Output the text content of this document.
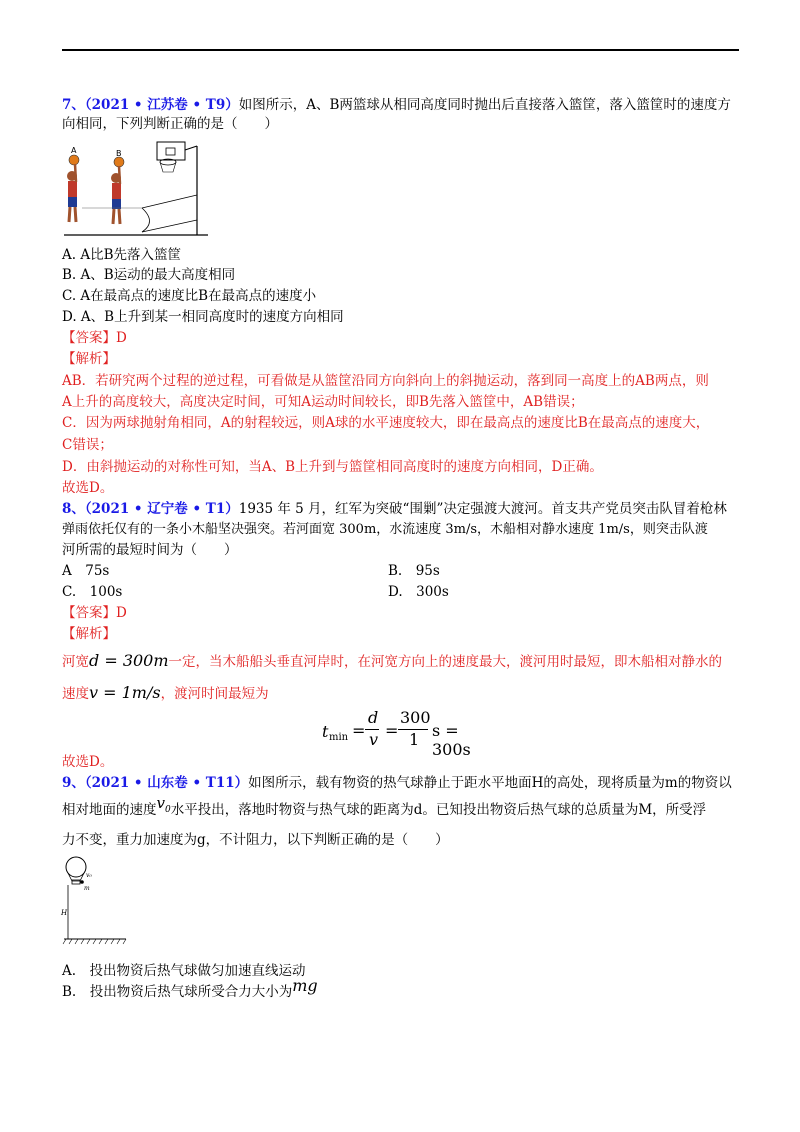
7、（2021 • 江苏卷 • T9）如图所示，A、B两篮球从相同高度同时抛出后直接落入篮筐，落入篮筐时的速度方
向相同，下列判断正确的是（　　）
A	B
A. A比B先落入篮筐
B. A、B运动的最大高度相同
C. A在最高点的速度比B在最高点的速度小
D. A、B上升到某一相同高度时的速度方向相同
【答案】D
【解析】
AB．若研究两个过程的逆过程，可看做是从篮筐沿同方向斜向上的斜抛运动，落到同一高度上的AB两点，则
A上升的高度较大，高度决定时间，可知A运动时间较长，即B先落入篮筐中，AB错误；
C．因为两球抛射角相同，A的射程较远，则A球的水平速度较大，即在最高点的速度比B在最高点的速度大，
C错误；
D．由斜抛运动的对称性可知，当A、B上升到与篮筐相同高度时的速度方向相同，D正确。
故选D。
8、（2021 • 辽宁卷 • T1）1935 年 5 月，红军为突破“围剿”决定强渡大渡河。首支共产党员突击队冒着枪林
弹雨依托仅有的一条小木船坚决强突。若河面宽 300m，水流速度 3m/s，木船相对静水速度 1m/s，则突击队渡
河所需的最短时间为（　　）
A　75s	B.　95s
C.　100s	D.　300s
【答案】D
【解析】
河宽d = 300m一定，当木船船头垂直河岸时，在河宽方向上的速度最大，渡河用时最短，即木船相对静水的
速度v = 1m/s，渡河时间最短为
t min =
d
v =
300
1 s = 300s
故选D。
9、（2021 • 山东卷 • T11）如图所示，载有物资的热气球静止于距水平地面H的高处，现将质量为m的物资以
相对地面的速度$v_0$水平投出，落地时物资与热气球的距离为d。已知投出物资后热气球的总质量为M，所受浮
力不变，重力加速度为g，不计阻力，以下判断正确的是（　　）
v₀
m
H
A.　投出物资后热气球做匀加速直线运动
B.　投出物资后热气球所受合力大小为mg
